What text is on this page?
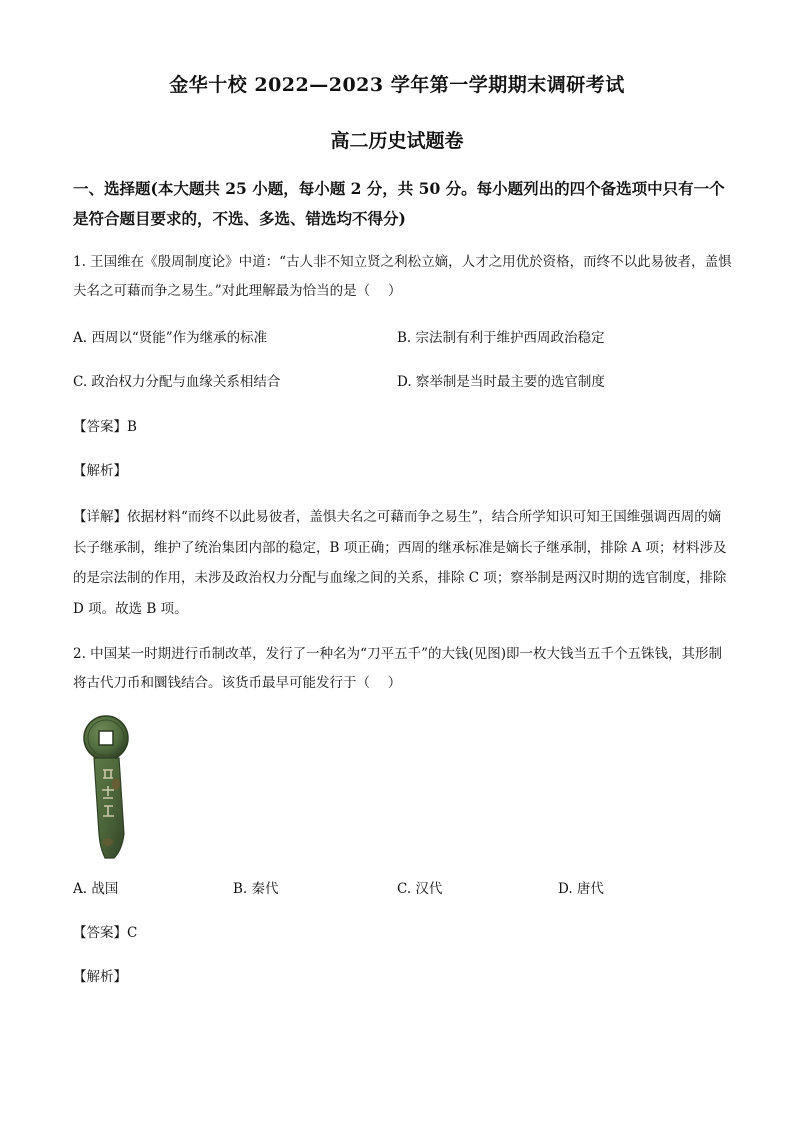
金华十校 2022—2023 学年第一学期期末调研考试
高二历史试题卷
一、选择题(本大题共 25 小题，每小题 2 分，共 50 分。每小题列出的四个备选项中只有一个是符合题目要求的，不选、多选、错选均不得分)
1. 王国维在《殷周制度论》中道：“古人非不知立贤之利松立嫡，人才之用优於资格，而终不以此易彼者，盖惧夫名之可藉而争之易生。”对此理解最为恰当的是（　 ）
A. 西周以“贤能”作为继承的标准	B. 宗法制有利于维护西周政治稳定
C. 政治权力分配与血缘关系相结合	D. 察举制是当时最主要的选官制度
【答案】B
【解析】
【详解】依据材料“而终不以此易彼者，盖惧夫名之可藉而争之易生”，结合所学知识可知王国维强调西周的嫡长子继承制，维护了统治集团内部的稳定，B 项正确；西周的继承标准是嫡长子继承制，排除 A 项；材料涉及的是宗法制的作用，未涉及政治权力分配与血缘之间的关系，排除 C 项；察举制是两汉时期的选官制度，排除 D 项。故选 B 项。
2. 中国某一时期进行币制改革，发行了一种名为“刀平五千”的大钱(见图)即一枚大钱当五千个五铢钱，其形制将古代刀币和圜钱结合。该货币最早可能发行于（　 ）
A. 战国	B. 秦代	C. 汉代	D. 唐代
【答案】C
【解析】
